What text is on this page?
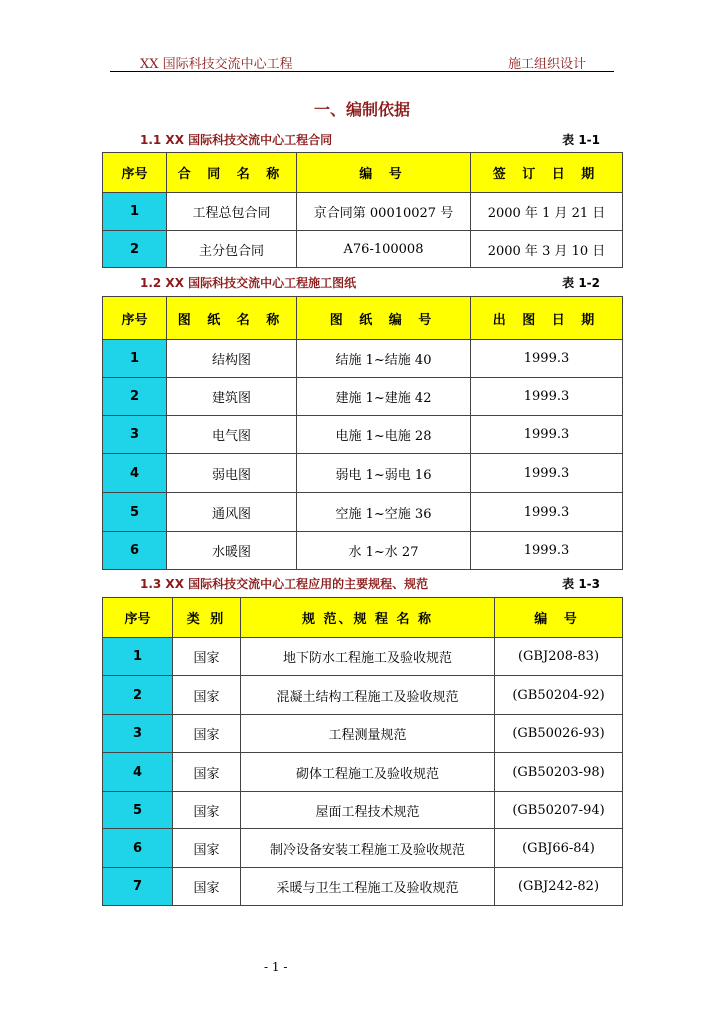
XX 国际科技交流中心工程	施工组织设计
一、编制依据
1.1 XX 国际科技交流中心工程合同	表 1-1
序号	合 同 名 称	编 号	签 订 日 期
1	工程总包合同	京合同第 00010027 号	2000 年 1 月 21 日
2	主分包合同	A76-100008	2000 年 3 月 10 日
1.2 XX 国际科技交流中心工程施工图纸	表 1-2
序号	图 纸 名 称	图 纸 编 号	出 图 日 期
1	结构图	结施 1~结施 40	1999.3
2	建筑图	建施 1~建施 42	1999.3
3	电气图	电施 1~电施 28	1999.3
4	弱电图	弱电 1~弱电 16	1999.3
5	通风图	空施 1~空施 36	1999.3
6	水暖图	水 1~水 27	1999.3
1.3 XX 国际科技交流中心工程应用的主要规程、规范	表 1-3
序号	类 别	规 范、规 程 名 称	编 号
1	国家	地下防水工程施工及验收规范	(GBJ208-83)
2	国家	混凝土结构工程施工及验收规范	(GB50204-92)
3	国家	工程测量规范	(GB50026-93)
4	国家	砌体工程施工及验收规范	(GB50203-98)
5	国家	屋面工程技术规范	(GB50207-94)
6	国家	制冷设备安装工程施工及验收规范	(GBJ66-84)
7	国家	采暖与卫生工程施工及验收规范	(GBJ242-82)
- 1 -
